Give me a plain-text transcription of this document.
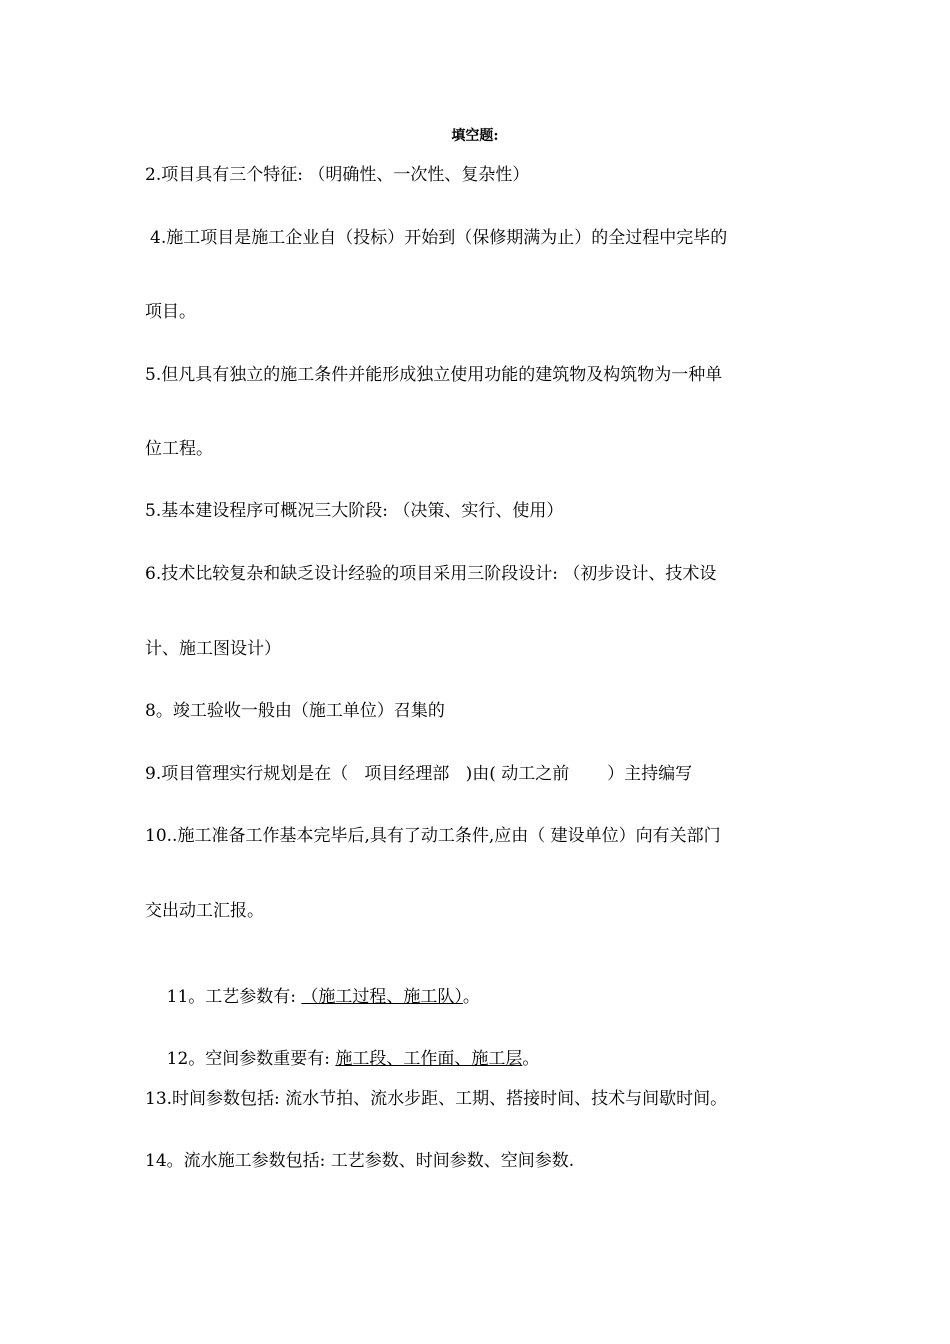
填空题:
2.项目具有三个特征: （明确性、一次性、复杂性）
4.施工项目是施工企业自（投标）开始到（保修期满为止）的全过程中完毕的
项目。
5.但凡具有独立的施工条件并能形成独立使用功能的建筑物及构筑物为一种单
位工程。
5.基本建设程序可概况三大阶段: （决策、实行、使用）
6.技术比较复杂和缺乏设计经验的项目采用三阶段设计: （初步设计、技术设
计、施工图设计）
8。竣工验收一般由（施工单位）召集的
9.项目管理实行规划是在（   项目经理部   )由( 动工之前       ）主持编写
10..施工准备工作基本完毕后,具有了动工条件,应由（ 建设单位）向有关部门
交出动工汇报。

11。工艺参数有: （施工过程、施工队）。

12。空间参数重要有: 施工段、工作面、施工层。

13.时间参数包括: 流水节拍、流水步距、工期、搭接时间、技术与间歇时间。
14。流水施工参数包括: 工艺参数、时间参数、空间参数.
